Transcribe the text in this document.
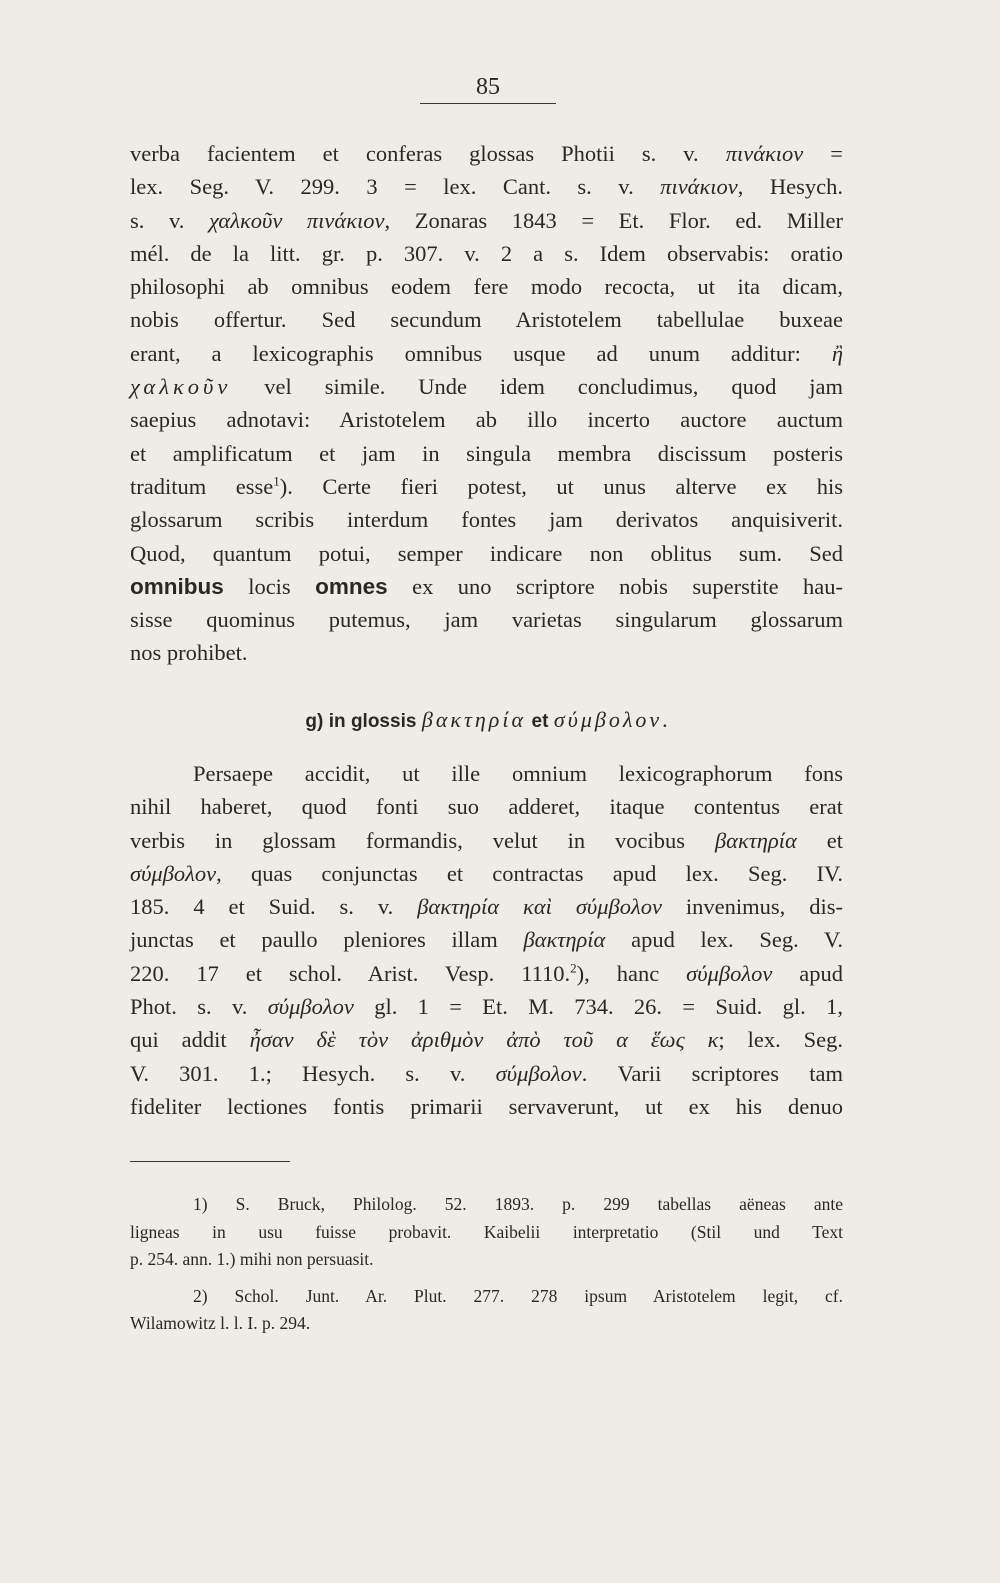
85
verba facientem et conferas glossas Photii s. v. πινάκιον =
lex. Seg. V. 299. 3 = lex. Cant. s. v. πινάκιον, Hesych.
s. v. χαλκοῦν πινάκιον, Zonaras 1843 = Et. Flor. ed. Miller
mél. de la litt. gr. p. 307. v. 2 a s. Idem observabis: oratio
philosophi ab omnibus eodem fere modo recocta, ut ita dicam,
nobis offertur. Sed secundum Aristotelem tabellulae buxeae
erant, a lexicographis omnibus usque ad unum additur: ἢ
χαλκοῦν vel simile. Unde idem concludimus, quod jam
saepius adnotavi: Aristotelem ab illo incerto auctore auctum
et amplificatum et jam in singula membra discissum posteris
traditum esse$^1$). Certe fieri potest, ut unus alterve ex his
glossarum scribis interdum fontes jam derivatos anquisiverit.
Quod, quantum potui, semper indicare non oblitus sum. Sed
omnibus locis omnes ex uno scriptore nobis superstite hau-
sisse quominus putemus, jam varietas singularum glossarum
nos prohibet.
g) in glossis βακτηρία et σύμβολον.
Persaepe accidit, ut ille omnium lexicographorum fons
nihil haberet, quod fonti suo adderet, itaque contentus erat
verbis in glossam formandis, velut in vocibus βακτηρία et
σύμβολον, quas conjunctas et contractas apud lex. Seg. IV.
185. 4 et Suid. s. v. βακτηρία καὶ σύμβολον invenimus, dis-
junctas et paullo pleniores illam βακτηρία apud lex. Seg. V.
220. 17 et schol. Arist. Vesp. 1110.$^2$), hanc σύμβολον apud
Phot. s. v. σύμβολον gl. 1 = Et. M. 734. 26. = Suid. gl. 1,
qui addit ἦσαν δὲ τὸν ἀριθμὸν ἀπὸ τοῦ α ἕως κ; lex. Seg.
V. 301. 1.; Hesych. s. v. σύμβολον. Varii scriptores tam
fideliter lectiones fontis primarii servaverunt, ut ex his denuo
1) S. Bruck, Philolog. 52. 1893. p. 299 tabellas aëneas ante
ligneas in usu fuisse probavit. Kaibelii interpretatio (Stil und Text
p. 254. ann. 1.) mihi non persuasit.
2) Schol. Junt. Ar. Plut. 277. 278 ipsum Aristotelem legit, cf.
Wilamowitz l. l. I. p. 294.
